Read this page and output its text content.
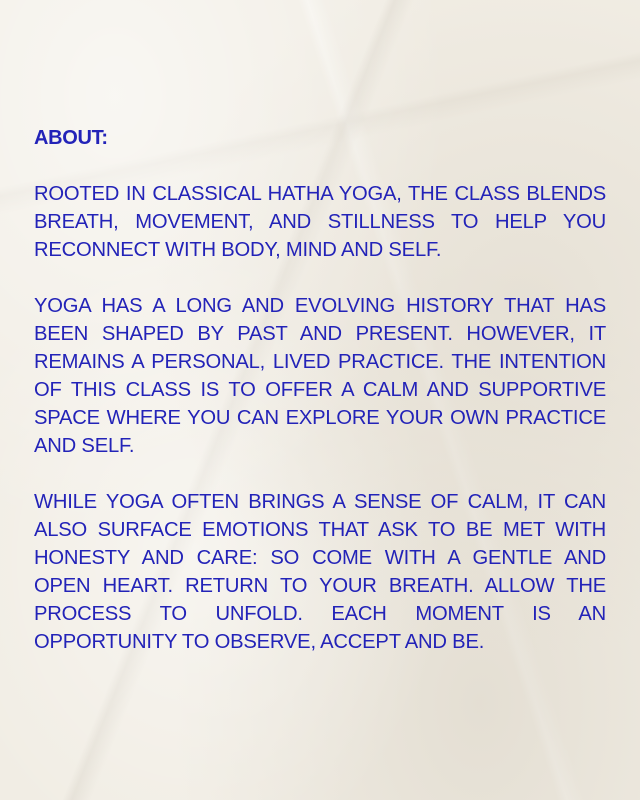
ABOUT:

ROOTED IN CLASSICAL HATHA YOGA, THE CLASS BLENDS BREATH, MOVEMENT, AND STILLNESS TO HELP YOU RECONNECT WITH BODY, MIND AND SELF.

YOGA HAS A LONG AND EVOLVING HISTORY THAT HAS BEEN SHAPED BY PAST AND PRESENT. HOWEVER, IT REMAINS A PERSONAL, LIVED PRACTICE. THE INTENTION OF THIS CLASS IS TO OFFER A CALM AND SUPPORTIVE SPACE WHERE YOU CAN EXPLORE YOUR OWN PRACTICE AND SELF.

WHILE YOGA OFTEN BRINGS A SENSE OF CALM, IT CAN ALSO SURFACE EMOTIONS THAT ASK TO BE MET WITH HONESTY AND CARE: SO COME WITH A GENTLE AND OPEN HEART. RETURN TO YOUR BREATH. ALLOW THE PROCESS TO UNFOLD. EACH MOMENT IS AN OPPORTUNITY TO OBSERVE, ACCEPT AND BE.
